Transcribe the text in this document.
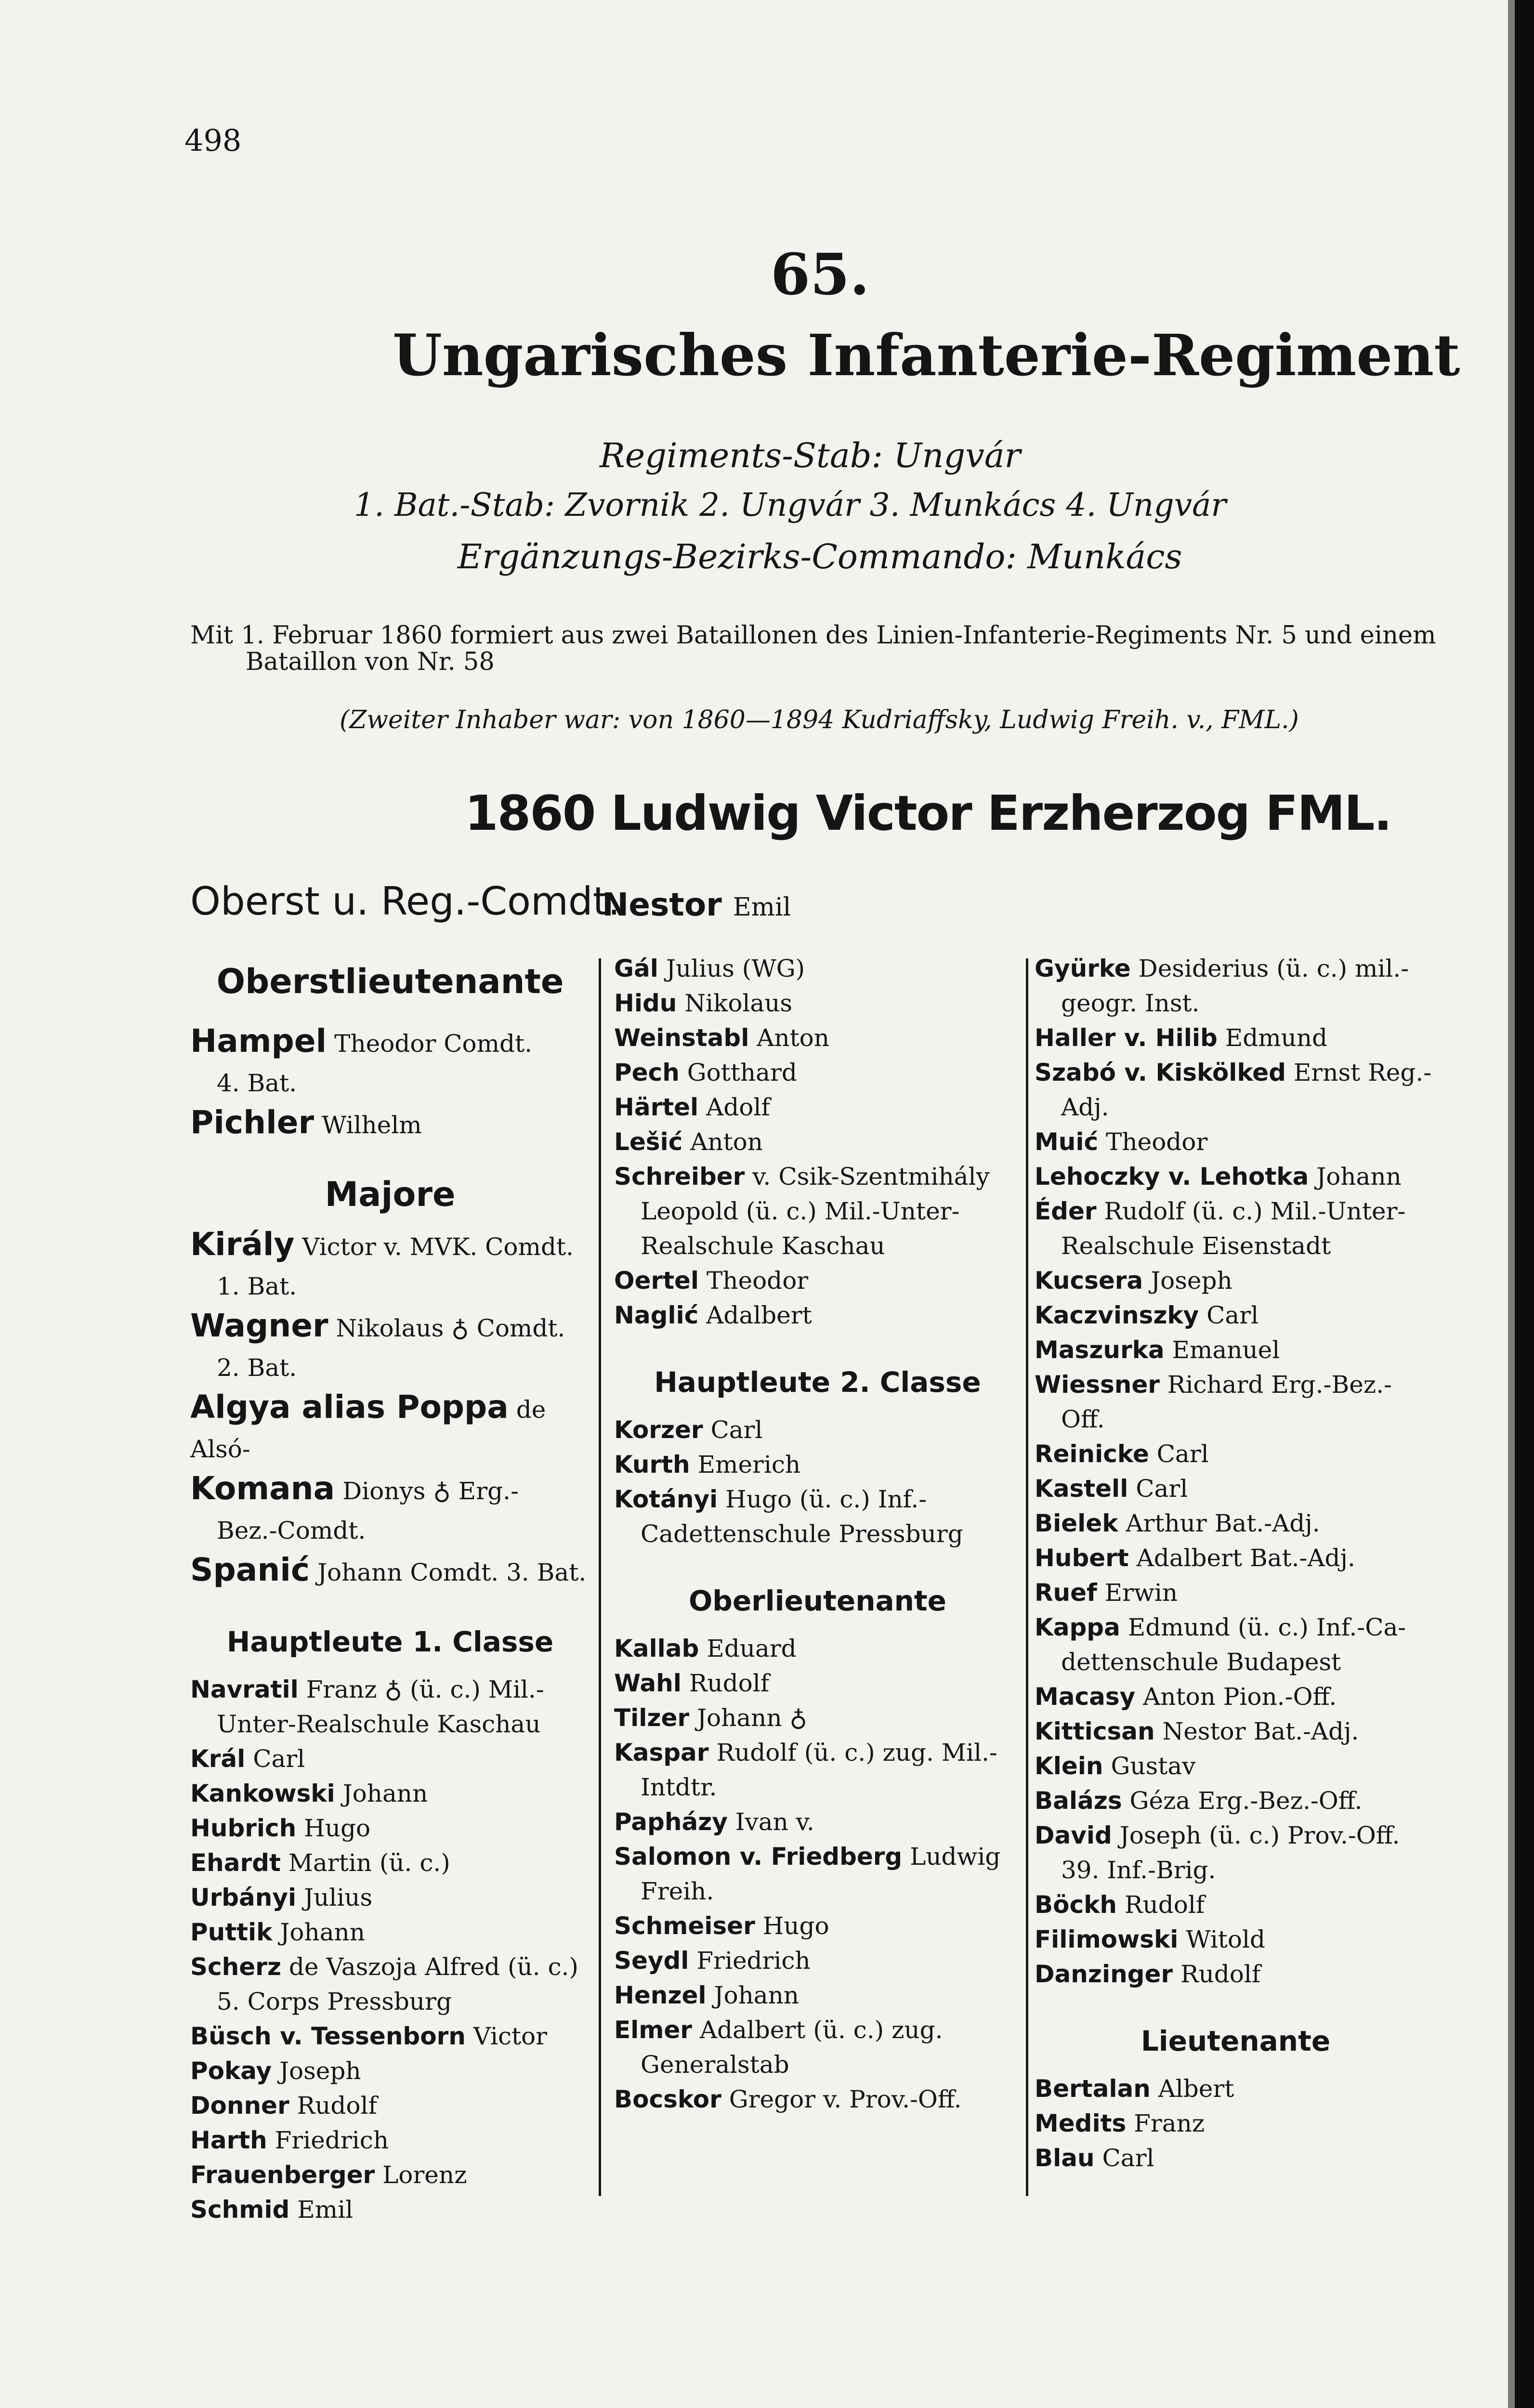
498
65.
Ungarisches Infanterie-Regiment
Regiments-Stab: Ungvár
1. Bat.-Stab: Zvornik 2. Ungvár 3. Munkács 4. Ungvár
Ergänzungs-Bezirks-Commando: Munkács
Mit 1. Februar 1860 formiert aus zwei Bataillonen des Linien-Infanterie-Regiments Nr. 5 und einem
Bataillon von Nr. 58
(Zweiter Inhaber war: von 1860—1894 Kudriaffsky, Ludwig Freih. v., FML.)
1860 Ludwig Victor Erzherzog FML.
Oberst u. Reg.-Comdt.
Nestor Emil
Oberstlieutenante
Hampel Theodor Comdt.
4. Bat.
Pichler Wilhelm
Majore
Király Victor v. MVK. Comdt.
1. Bat.
Wagner Nikolaus ♁ Comdt.
2. Bat.
Algya alias Poppa de Alsó-
Komana Dionys ♁ Erg.-
Bez.-Comdt.
Spanić Johann Comdt. 3. Bat.
Hauptleute 1. Classe
Navratil Franz ♁ (ü. c.) Mil.-
Unter-Realschule Kaschau
Král Carl
Kankowski Johann
Hubrich Hugo
Ehardt Martin (ü. c.)
Urbányi Julius
Puttik Johann
Scherz de Vaszoja Alfred (ü. c.)
5. Corps Pressburg
Büsch v. Tessenborn Victor
Pokay Joseph
Donner Rudolf
Harth Friedrich
Frauenberger Lorenz
Schmid Emil
Gál Julius (WG)
Hidu Nikolaus
Weinstabl Anton
Pech Gotthard
Härtel Adolf
Lešić Anton
Schreiber v. Csik-Szentmihály
Leopold (ü. c.) Mil.-Unter-
Realschule Kaschau
Oertel Theodor
Naglić Adalbert
Hauptleute 2. Classe
Korzer Carl
Kurth Emerich
Kotányi Hugo (ü. c.) Inf.-
Cadettenschule Pressburg
Oberlieutenante
Kallab Eduard
Wahl Rudolf
Tilzer Johann ♁
Kaspar Rudolf (ü. c.) zug. Mil.-
Intdtr.
Papházy Ivan v.
Salomon v. Friedberg Ludwig
Freih.
Schmeiser Hugo
Seydl Friedrich
Henzel Johann
Elmer Adalbert (ü. c.) zug.
Generalstab
Bocskor Gregor v. Prov.-Off.
Gyürke Desiderius (ü. c.) mil.-
geogr. Inst.
Haller v. Hilib Edmund
Szabó v. Kiskölked Ernst Reg.-
Adj.
Muić Theodor
Lehoczky v. Lehotka Johann
Éder Rudolf (ü. c.) Mil.-Unter-
Realschule Eisenstadt
Kucsera Joseph
Kaczvinszky Carl
Maszurka Emanuel
Wiessner Richard Erg.-Bez.-
Off.
Reinicke Carl
Kastell Carl
Bielek Arthur Bat.-Adj.
Hubert Adalbert Bat.-Adj.
Ruef Erwin
Kappa Edmund (ü. c.) Inf.-Ca-
dettenschule Budapest
Macasy Anton Pion.-Off.
Kitticsan Nestor Bat.-Adj.
Klein Gustav
Balázs Géza Erg.-Bez.-Off.
David Joseph (ü. c.) Prov.-Off.
39. Inf.-Brig.
Böckh Rudolf
Filimowski Witold
Danzinger Rudolf
Lieutenante
Bertalan Albert
Medits Franz
Blau Carl
